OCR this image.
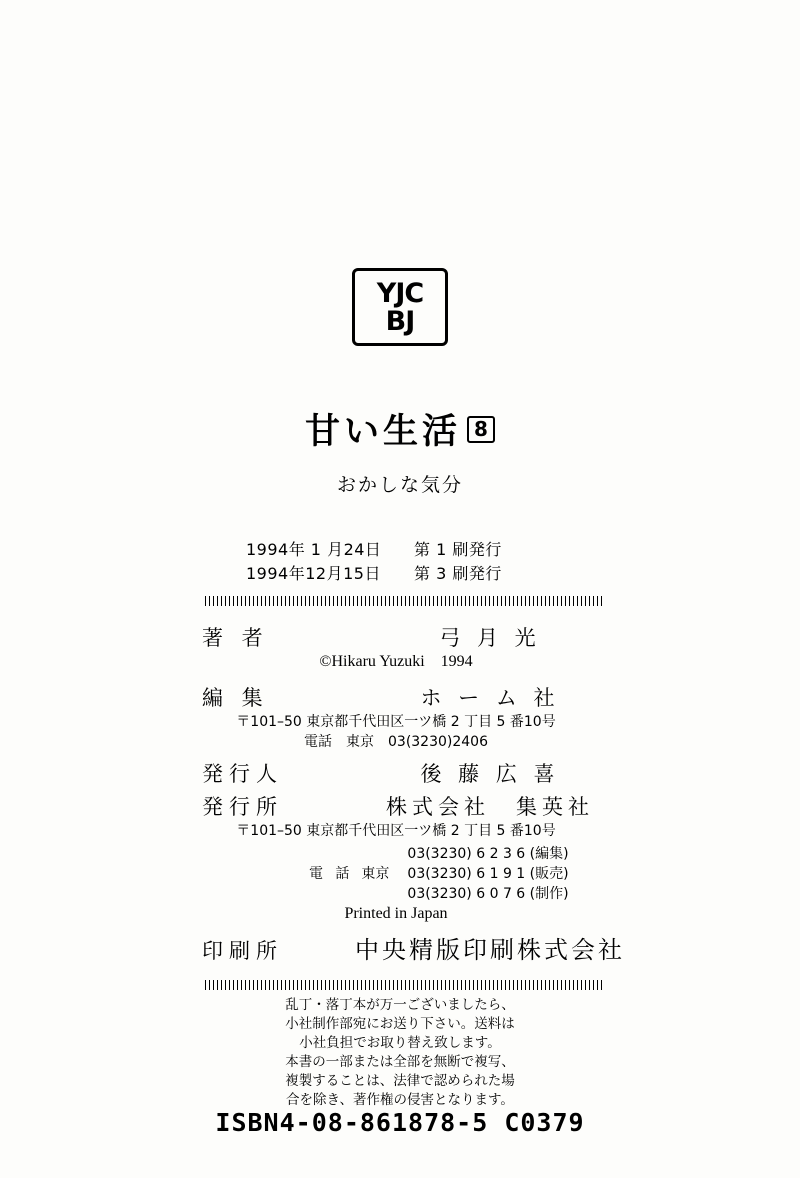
YJC
BJ
甘い生活 8
おかしな気分
1994年 1 月24日	第 1 刷発行
1994年12月15日	第 3 刷発行
著 者	弓 月 光
©Hikaru Yuzuki　1994
編 集	ホ ー ム 社
〒101–50 東京都千代田区一ツ橋 2 丁目 5 番10号
電話　東京　03(3230)2406
発行人	後 藤 広 喜
発行所	株式会社　集英社
〒101–50 東京都千代田区一ツ橋 2 丁目 5 番10号
電 話 東京
03(3230) 6 2 3 6 (編集)
03(3230) 6 1 9 1 (販売)
03(3230) 6 0 7 6 (制作)
Printed in Japan
印刷所	中央精版印刷株式会社
乱丁・落丁本が万一ございましたら、
小社制作部宛にお送り下さい。送料は
小社負担でお取り替え致します。
本書の一部または全部を無断で複写、
複製することは、法律で認められた場
合を除き、著作権の侵害となります。
ISBN4-08-861878-5 C0379
